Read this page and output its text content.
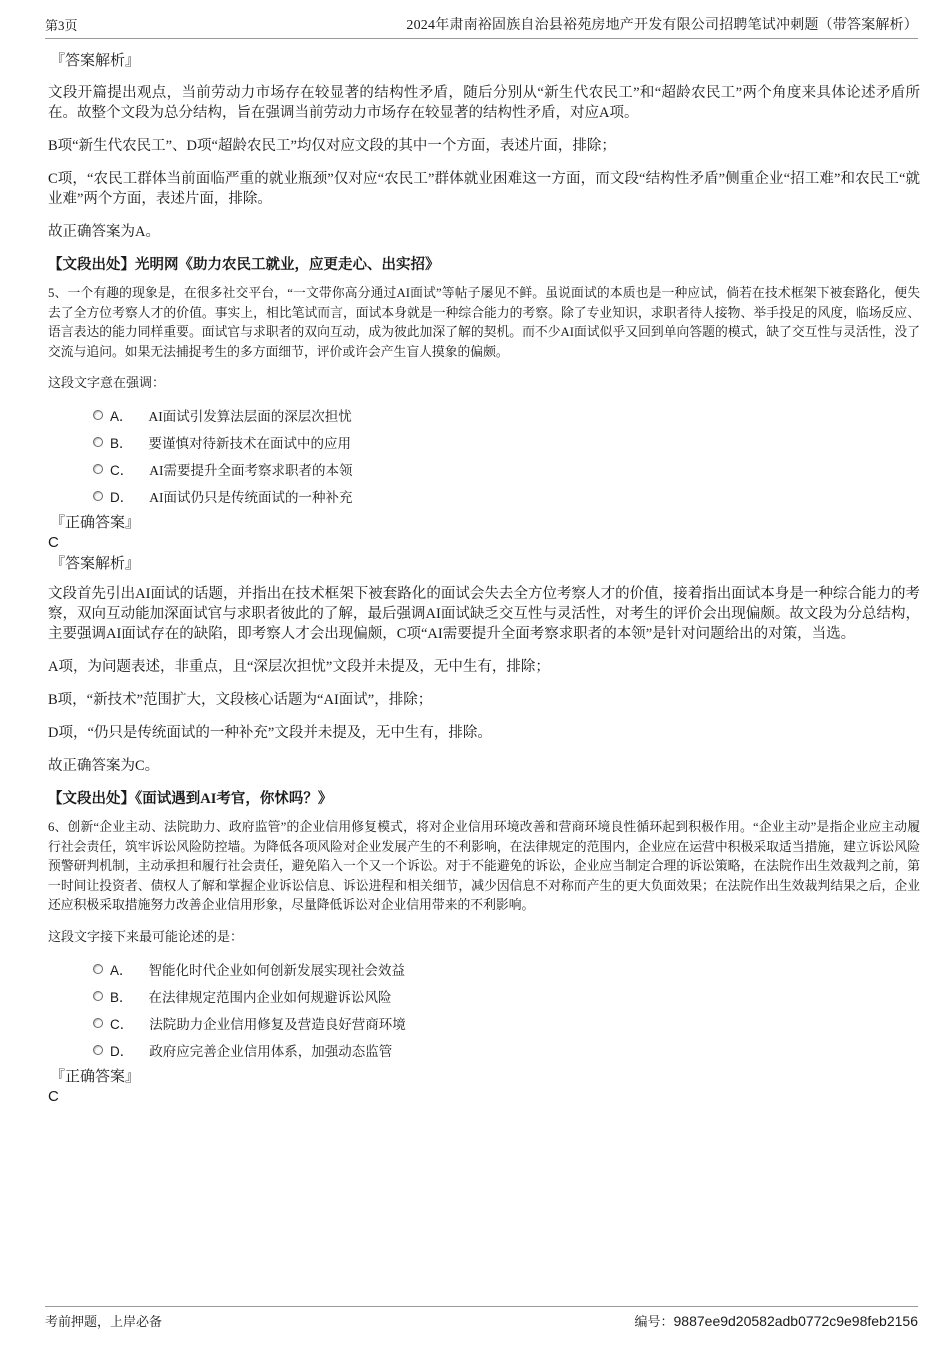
第3页	2024年肃南裕固族自治县裕苑房地产开发有限公司招聘笔试冲刺题（带答案解析）

『答案解析』

文段开篇提出观点，当前劳动力市场存在较显著的结构性矛盾，随后分别从“新生代农民工”和“超龄农民工”两个角度来具体论述矛盾所在。故整个文段为总分结构，旨在强调当前劳动力市场存在较显著的结构性矛盾，对应A项。

B项“新生代农民工”、D项“超龄农民工”均仅对应文段的其中一个方面，表述片面，排除；

C项，“农民工群体当前面临严重的就业瓶颈”仅对应“农民工”群体就业困难这一方面，而文段“结构性矛盾”侧重企业“招工难”和农民工“就业难”两个方面，表述片面，排除。

故正确答案为A。

【文段出处】光明网《助力农民工就业，应更走心、出实招》

5、一个有趣的现象是，在很多社交平台，“一文带你高分通过AI面试”等帖子屡见不鲜。虽说面试的本质也是一种应试，倘若在技术框架下被套路化，便失去了全方位考察人才的价值。事实上，相比笔试而言，面试本身就是一种综合能力的考察。除了专业知识，求职者待人接物、举手投足的风度，临场反应、语言表达的能力同样重要。面试官与求职者的双向互动，成为彼此加深了解的契机。而不少AI面试似乎又回到单向答题的模式，缺了交互性与灵活性，没了交流与追问。如果无法捕捉考生的多方面细节，评价或许会产生盲人摸象的偏颇。

这段文字意在强调：

A． AI面试引发算法层面的深层次担忧
B． 要谨慎对待新技术在面试中的应用
C． AI需要提升全面考察求职者的本领
D． AI面试仍只是传统面试的一种补充

『正确答案』

C

『答案解析』

文段首先引出AI面试的话题，并指出在技术框架下被套路化的面试会失去全方位考察人才的价值，接着指出面试本身是一种综合能力的考察，双向互动能加深面试官与求职者彼此的了解，最后强调AI面试缺乏交互性与灵活性，对考生的评价会出现偏颇。故文段为分总结构，主要强调AI面试存在的缺陷，即考察人才会出现偏颇，C项“AI需要提升全面考察求职者的本领”是针对问题给出的对策，当选。

A项，为问题表述，非重点，且“深层次担忧”文段并未提及，无中生有，排除；

B项，“新技术”范围扩大，文段核心话题为“AI面试”，排除；

D项，“仍只是传统面试的一种补充”文段并未提及，无中生有，排除。

故正确答案为C。

【文段出处】《面试遇到AI考官，你怵吗？》

6、创新“企业主动、法院助力、政府监管”的企业信用修复模式，将对企业信用环境改善和营商环境良性循环起到积极作用。“企业主动”是指企业应主动履行社会责任，筑牢诉讼风险防控墙。为降低各项风险对企业发展产生的不利影响，在法律规定的范围内，企业应在运营中积极采取适当措施，建立诉讼风险预警研判机制，主动承担和履行社会责任，避免陷入一个又一个诉讼。对于不能避免的诉讼，企业应当制定合理的诉讼策略，在法院作出生效裁判之前，第一时间让投资者、债权人了解和掌握企业诉讼信息、诉讼进程和相关细节，减少因信息不对称而产生的更大负面效果；在法院作出生效裁判结果之后，企业还应积极采取措施努力改善企业信用形象，尽量降低诉讼对企业信用带来的不利影响。

这段文字接下来最可能论述的是：

A． 智能化时代企业如何创新发展实现社会效益
B． 在法律规定范围内企业如何规避诉讼风险
C． 法院助力企业信用修复及营造良好营商环境
D． 政府应完善企业信用体系，加强动态监管

『正确答案』

C

考前押题，上岸必备	编号：9887ee9d20582adb0772c9e98feb2156
